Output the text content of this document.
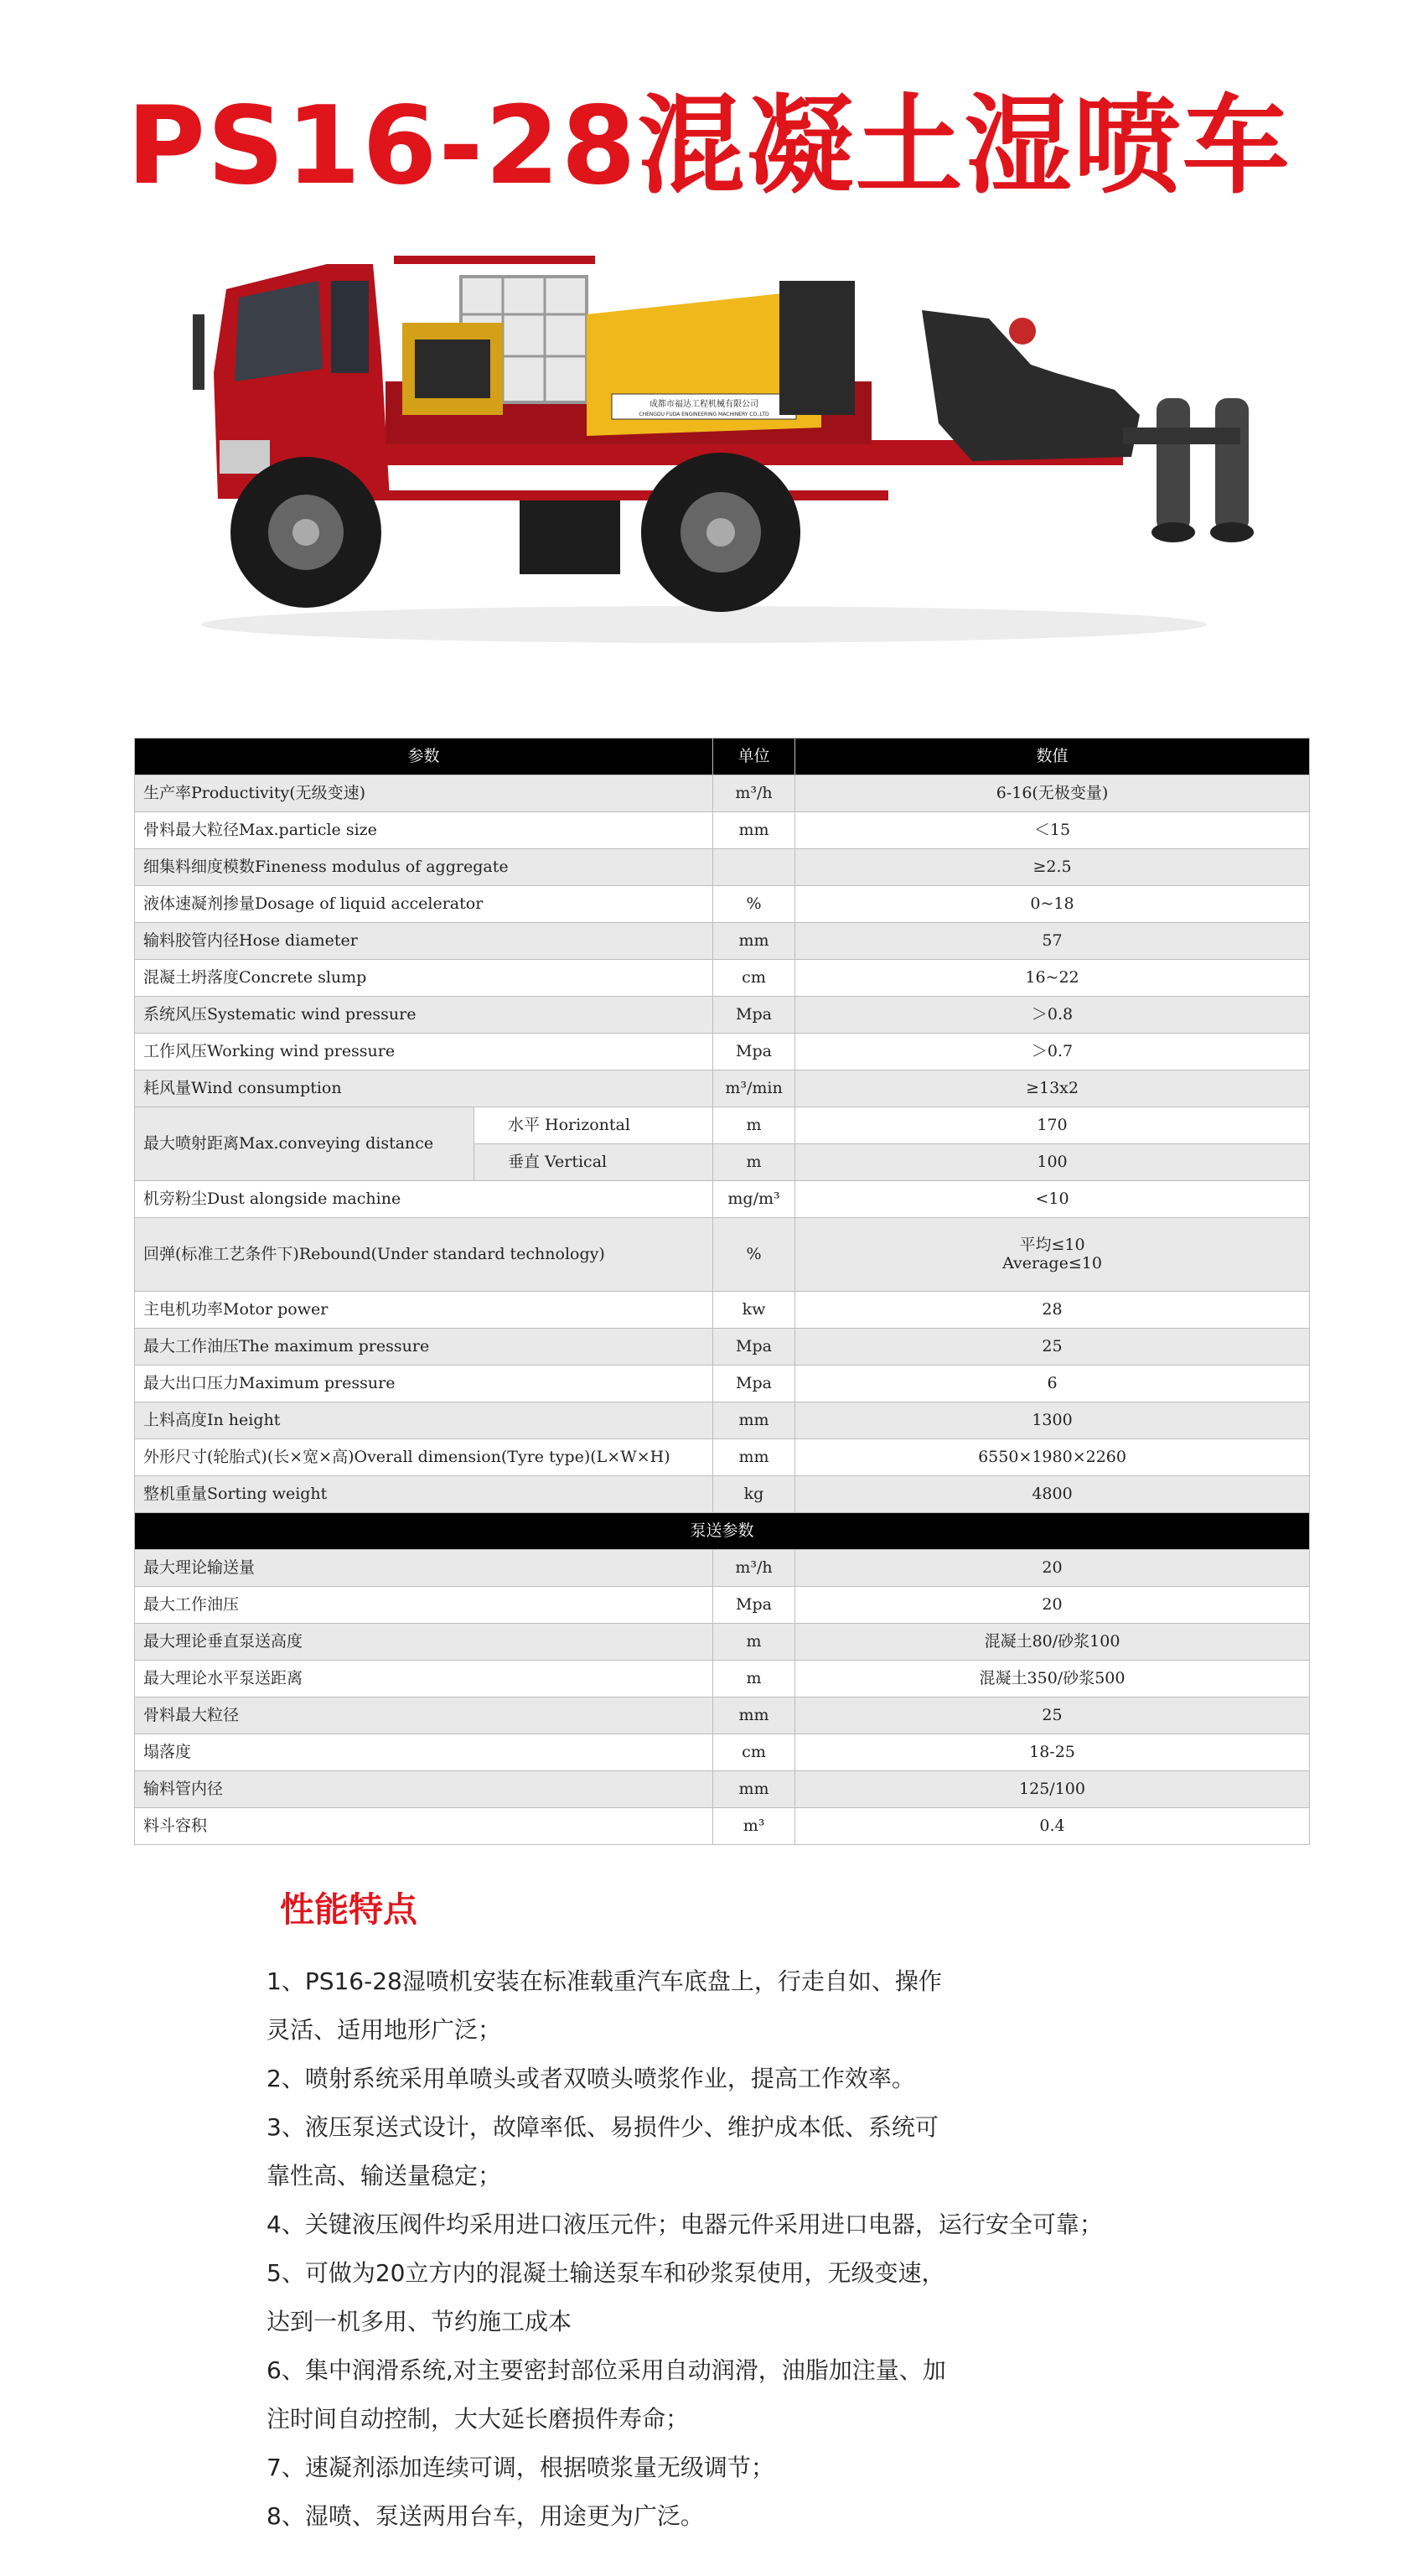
PS16-28混凝土湿喷车
成都市福达工程机械有限公司
CHENGDU FUDA ENGINEERING MACHINERY CO.,LTD
参数		单位	数值
生产率Productivity(无级变速)		m³/h	6-16(无极变量)
骨料最大粒径Max.particle size		mm	＜15
细集料细度模数Fineness modulus of aggregate			≥2.5
液体速凝剂掺量Dosage of liquid accelerator		%	0~18
输料胶管内径Hose diameter		mm	57
混凝土坍落度Concrete slump		cm	16~22
系统风压Systematic wind pressure		Mpa	＞0.8
工作风压Working wind pressure		Mpa	＞0.7
耗风量Wind consumption		m³/min	≥13x2
最大喷射距离Max.conveying distance	水平 Horizontal	m	170
	垂直 Vertical	m	100
机旁粉尘Dust alongside machine		mg/m³	<10
回弹(标准工艺条件下)Rebound(Under standard technology)		%	平均≤10
Average≤10

主电机功率Motor power		kw	28
最大工作油压The maximum pressure		Mpa	25
最大出口压力Maximum pressure		Mpa	6
上料高度In height		mm	1300
外形尺寸(轮胎式)(长×宽×高)Overall dimension(Tyre type)(L×W×H)		mm	6550×1980×2260
整机重量Sorting weight		kg	4800
泵送参数			
最大理论输送量		m³/h	20
最大工作油压		Mpa	20
最大理论垂直泵送高度		m	混凝土80/砂浆100
最大理论水平泵送距离		m	混凝土350/砂浆500
骨料最大粒径		mm	25
塌落度		cm	18-25
输料管内径		mm	125/100
料斗容积		m³	0.4
性能特点
1、PS16-28湿喷机安装在标准载重汽车底盘上，行走自如、操作
灵活、适用地形广泛；
2、喷射系统采用单喷头或者双喷头喷浆作业，提高工作效率。
3、液压泵送式设计，故障率低、易损件少、维护成本低、系统可
靠性高、输送量稳定；
4、关键液压阀件均采用进口液压元件；电器元件采用进口电器，运行安全可靠；
5、可做为20立方内的混凝土输送泵车和砂浆泵使用，无级变速，
达到一机多用、节约施工成本
6、集中润滑系统,对主要密封部位采用自动润滑，油脂加注量、加
注时间自动控制，大大延长磨损件寿命；
7、速凝剂添加连续可调，根据喷浆量无级调节；
8、湿喷、泵送两用台车，用途更为广泛。
